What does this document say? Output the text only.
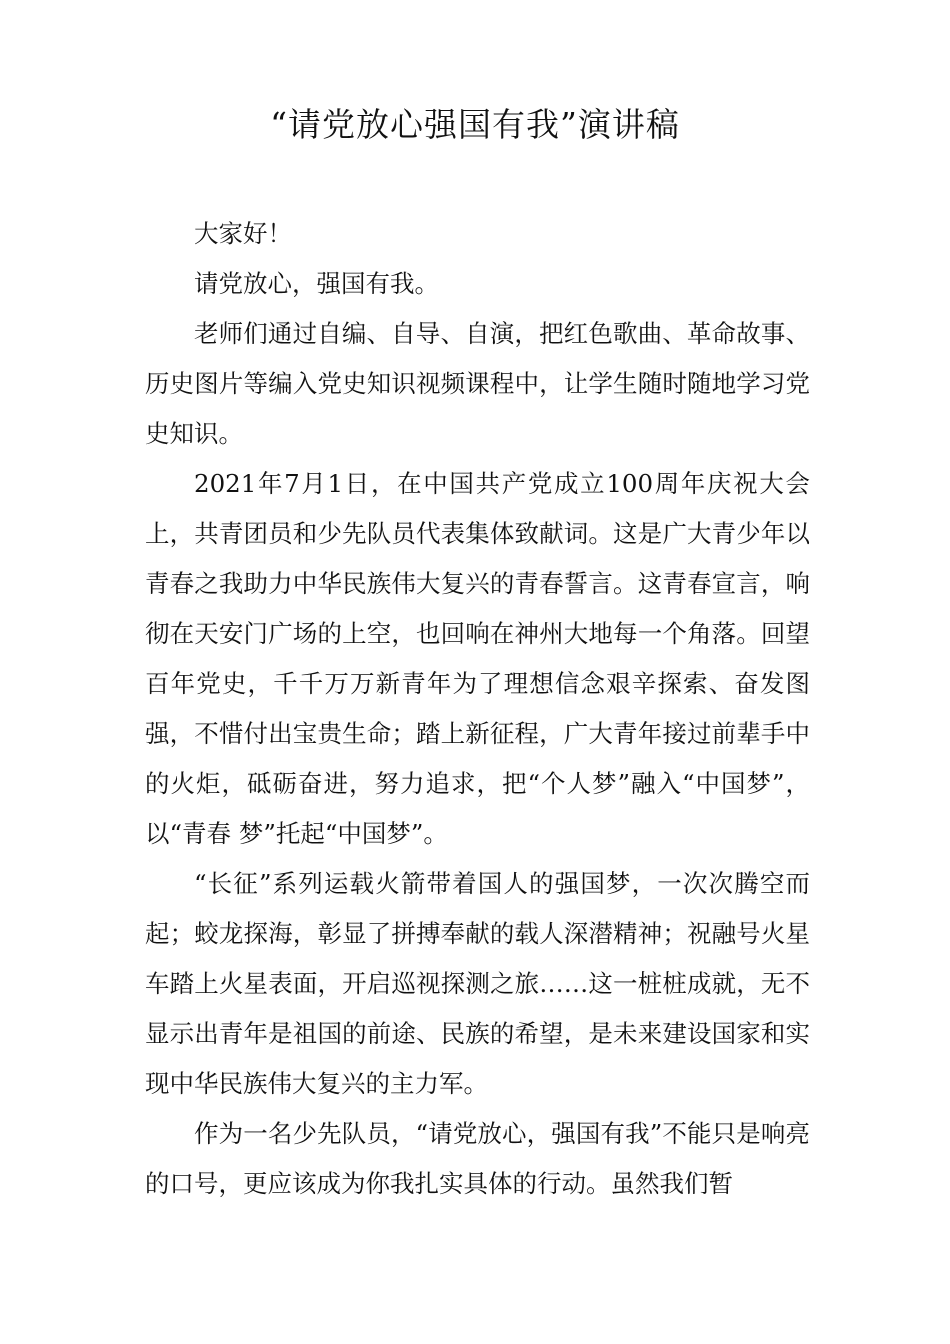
“请党放心强国有我”演讲稿

大家好！

请党放心，强国有我。

老师们通过自编、自导、自演，把红色歌曲、革命故事、历史图片等编入党史知识视频课程中，让学生随时随地学习党史知识。

2021年7月1日，在中国共产党成立100周年庆祝大会上，共青团员和少先队员代表集体致献词。这是广大青少年以青春之我助力中华民族伟大复兴的青春誓言。这青春宣言，响彻在天安门广场的上空，也回响在神州大地每一个角落。回望百年党史，千千万万新青年为了理想信念艰辛探索、奋发图强，不惜付出宝贵生命；踏上新征程，广大青年接过前辈手中的火炬，砥砺奋进，努力追求，把“个人梦”融入“中国梦”，以“青春 梦”托起“中国梦”。

“长征”系列运载火箭带着国人的强国梦，一次次腾空而起；蛟龙探海，彰显了拼搏奉献的载人深潜精神；祝融号火星车踏上火星表面，开启巡视探测之旅……这一桩桩成就，无不显示出青年是祖国的前途、民族的希望，是未来建设国家和实现中华民族伟大复兴的主力军。

作为一名少先队员，“请党放心，强国有我”不能只是响亮的口号，更应该成为你我扎实具体的行动。虽然我们暂
